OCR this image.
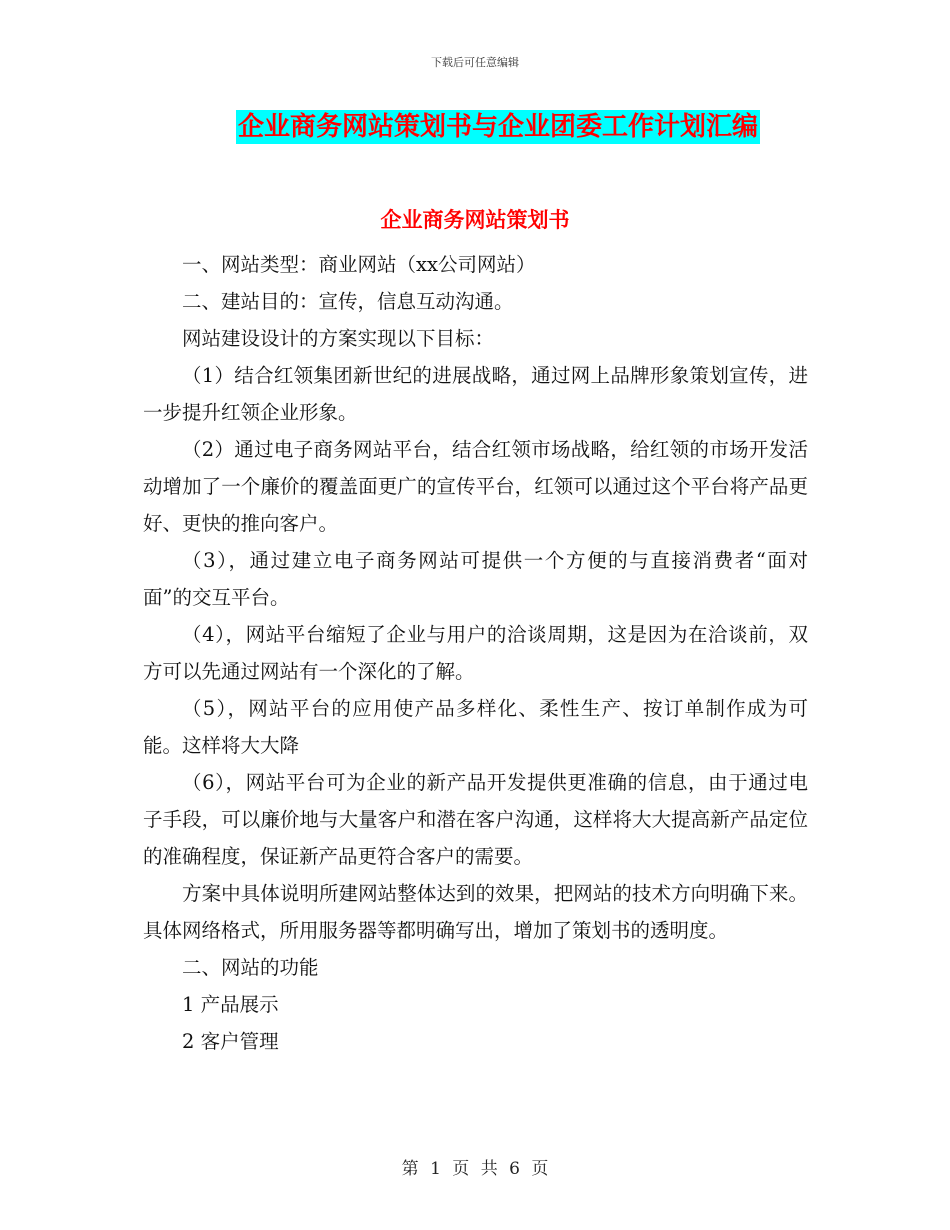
下载后可任意编辑
企业商务网站策划书与企业团委工作计划汇编
企业商务网站策划书

一、网站类型：商业网站（xx公司网站）

二、建站目的：宣传，信息互动沟通。

网站建设设计的方案实现以下目标：

（1）结合红领集团新世纪的进展战略，通过网上品牌形象策划宣传，进一步提升红领企业形象。

（2）通过电子商务网站平台，结合红领市场战略，给红领的市场开发活动增加了一个廉价的覆盖面更广的宣传平台，红领可以通过这个平台将产品更好、更快的推向客户。

（3），通过建立电子商务网站可提供一个方便的与直接消费者“面对面”的交互平台。

（4），网站平台缩短了企业与用户的洽谈周期，这是因为在洽谈前，双方可以先通过网站有一个深化的了解。

（5），网站平台的应用使产品多样化、柔性生产、按订单制作成为可能。这样将大大降

（6），网站平台可为企业的新产品开发提供更准确的信息，由于通过电子手段，可以廉价地与大量客户和潜在客户沟通，这样将大大提高新产品定位的准确程度，保证新产品更符合客户的需要。

方案中具体说明所建网站整体达到的效果，把网站的技术方向明确下来。具体网络格式，所用服务器等都明确写出，增加了策划书的透明度。

二、网站的功能

1 产品展示

2 客户管理

第 1 页 共 6 页
